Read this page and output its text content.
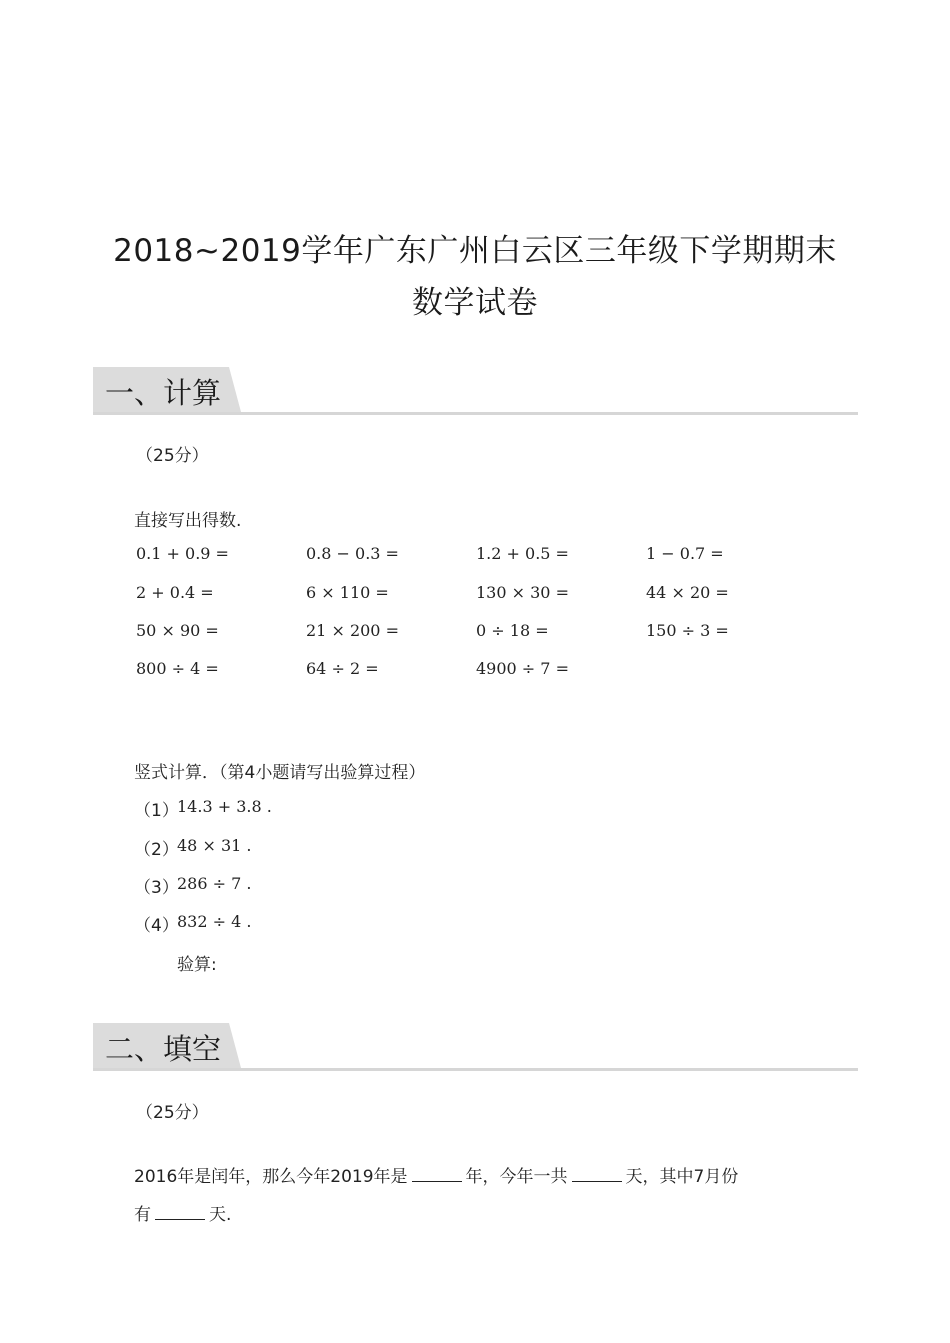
2018~2019学年广东广州白云区三年级下学期期末
数学试卷
一、计算
（25分）
直接写出得数.
0.1 + 0.9 =	0.8 − 0.3 =	1.2 + 0.5 =	1 − 0.7 =
2 + 0.4 =	6 × 110 =	130 × 30 =	44 × 20 =
50 × 90 =	21 × 200 =	0 ÷ 18 =	150 ÷ 3 =
800 ÷ 4 =	64 ÷ 2 =	4900 ÷ 7 =
竖式计算．（第4小题请写出验算过程）
（1）
14.3 + 3.8 .
（2）
48 × 31 .
（3）
286 ÷ 7 .
（4）
832 ÷ 4 .
验算:
二、填空
（25分）
2016年是闰年，那么今年2019年是	年，今年一共	天，其中7月份
有	天.
